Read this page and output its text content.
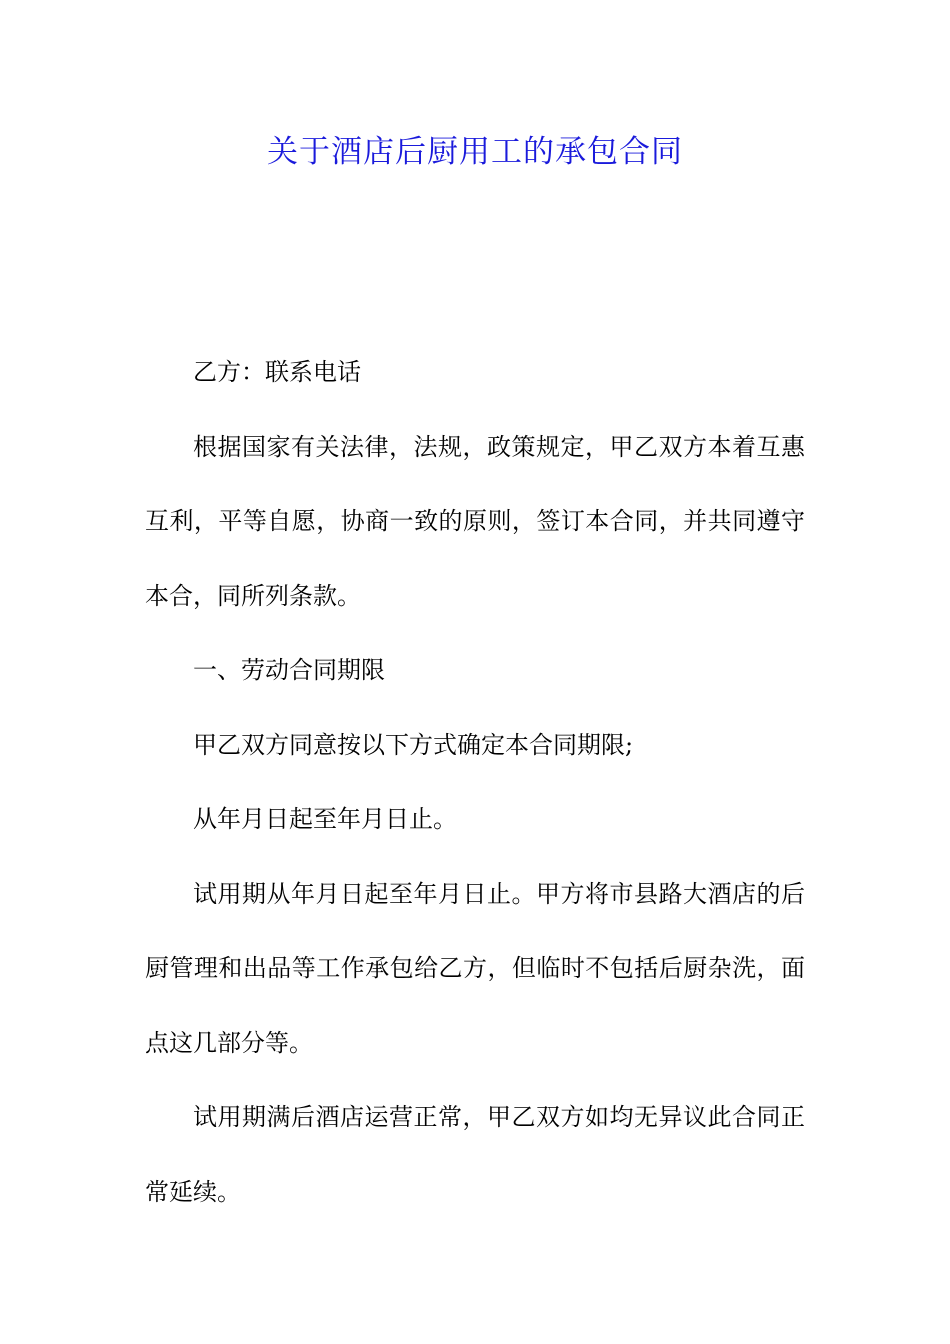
关于酒店后厨用工的承包合同

乙方：联系电话

根据国家有关法律，法规，政策规定，甲乙双方本着互惠互利，平等自愿，协商一致的原则，签订本合同，并共同遵守本合，同所列条款。

一、劳动合同期限

甲乙双方同意按以下方式确定本合同期限;

从年月日起至年月日止。

试用期从年月日起至年月日止。甲方将市县路大酒店的后厨管理和出品等工作承包给乙方，但临时不包括后厨杂洗，面点这几部分等。

试用期满后酒店运营正常，甲乙双方如均无异议此合同正常延续。
